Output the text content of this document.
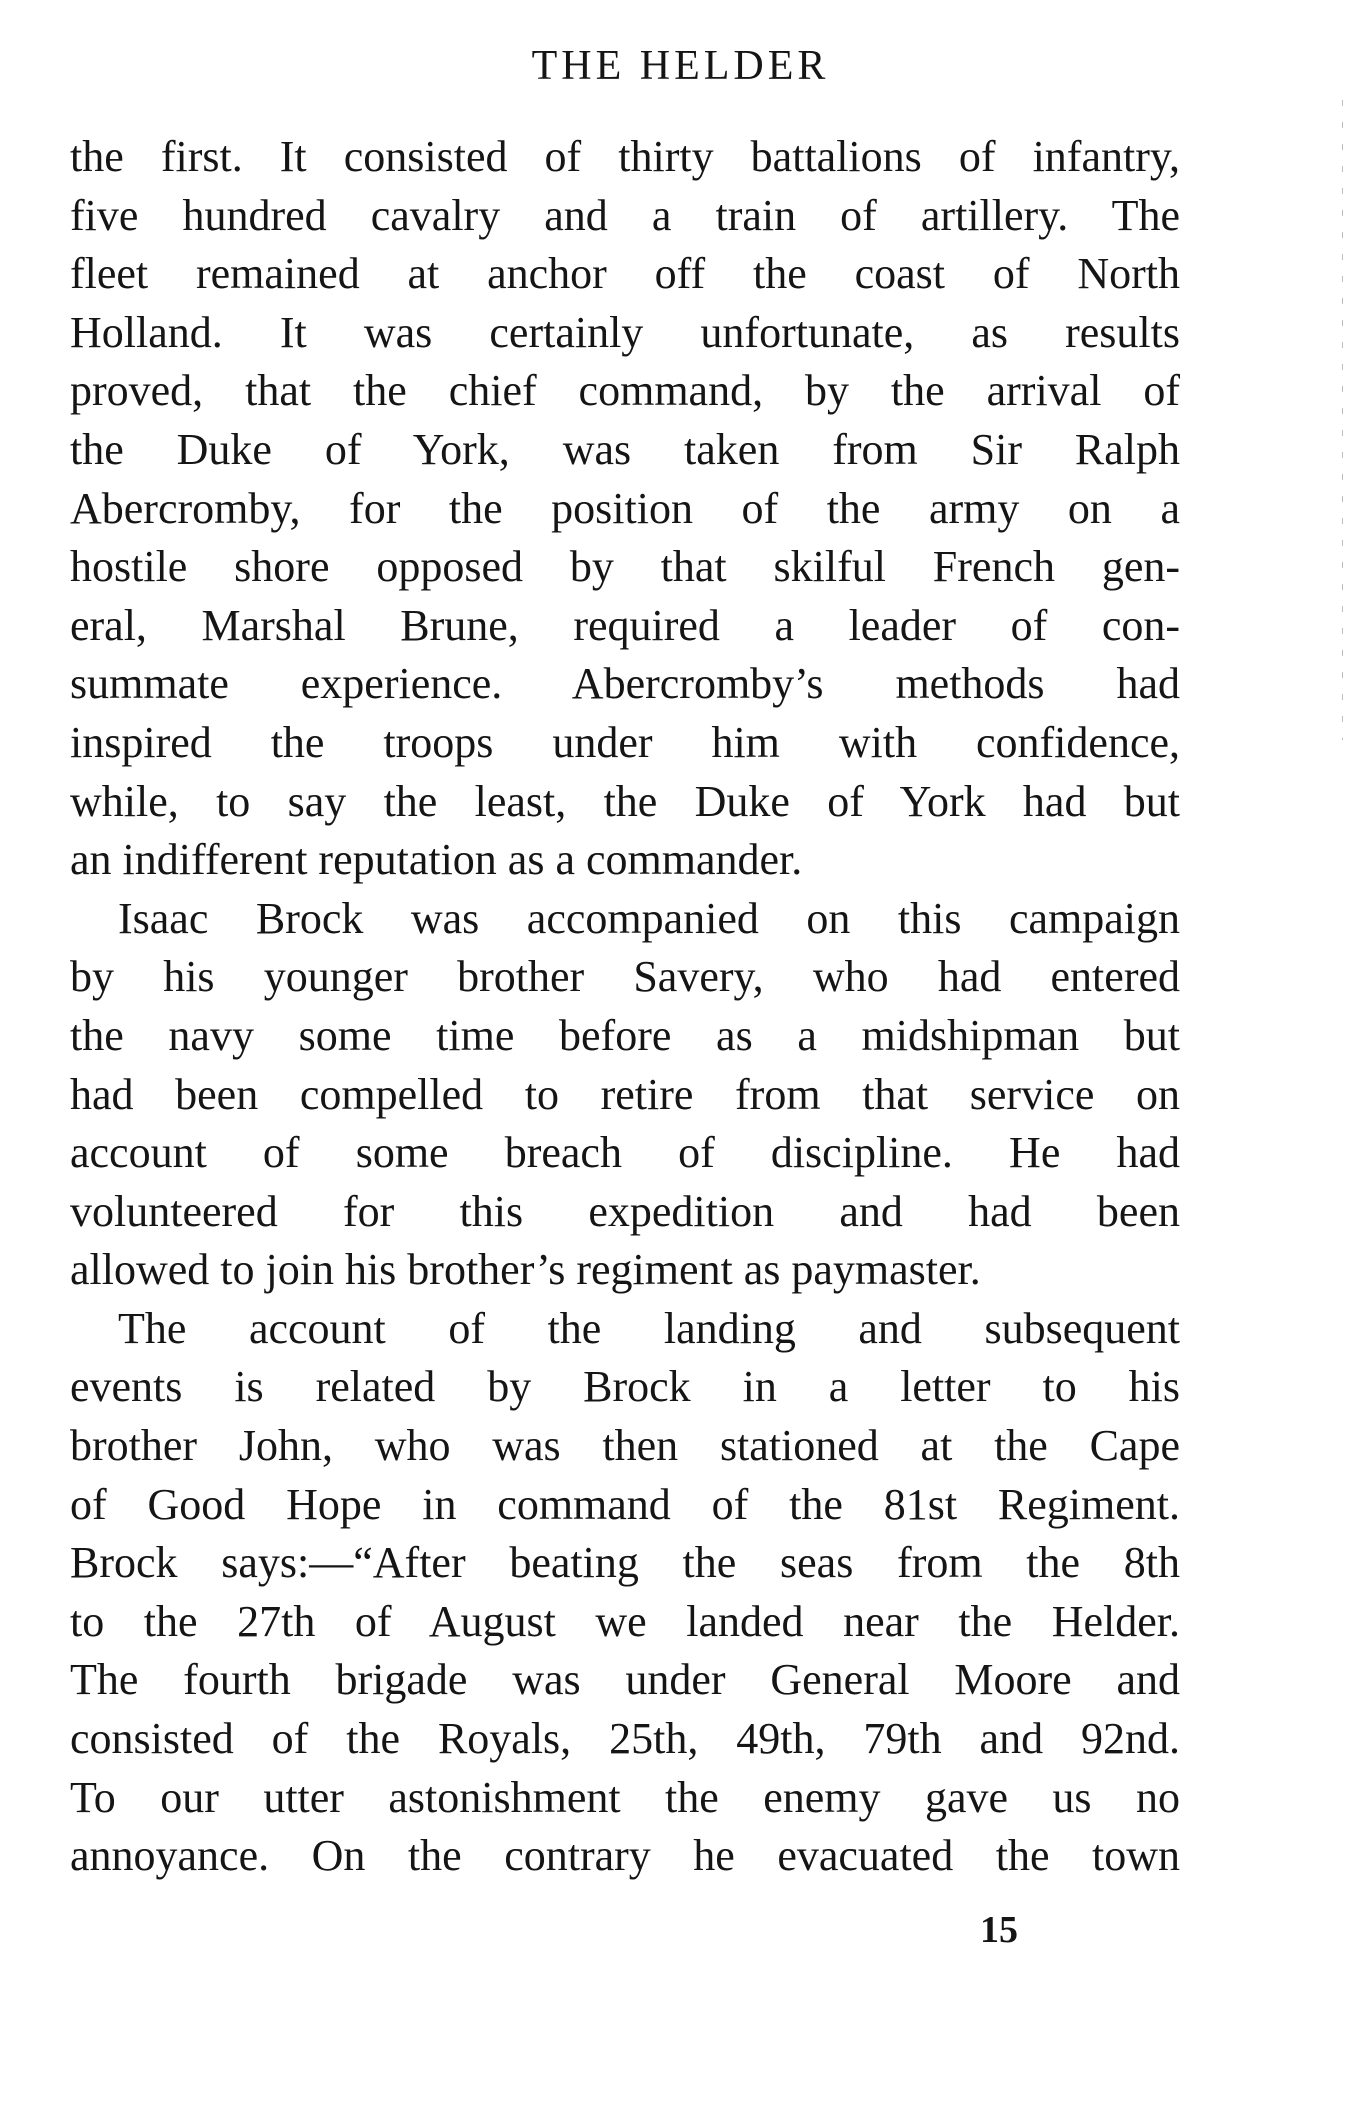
THE HELDER
the first. It consisted of thirty battalions of infantry,
five hundred cavalry and a train of artillery. The
fleet remained at anchor off the coast of North
Holland. It was certainly unfortunate, as results
proved, that the chief command, by the arrival of
the Duke of York, was taken from Sir Ralph
Abercromby, for the position of the army on a
hostile shore opposed by that skilful French gen-
eral, Marshal Brune, required a leader of con-
summate experience. Abercromby’s methods had
inspired the troops under him with confidence,
while, to say the least, the Duke of York had but
an indifferent reputation as a commander.
Isaac Brock was accompanied on this campaign
by his younger brother Savery, who had entered
the navy some time before as a midshipman but
had been compelled to retire from that service on
account of some breach of discipline. He had
volunteered for this expedition and had been
allowed to join his brother’s regiment as paymaster.
The account of the landing and subsequent
events is related by Brock in a letter to his
brother John, who was then stationed at the Cape
of Good Hope in command of the 81st Regiment.
Brock says:—“After beating the seas from the 8th
to the 27th of August we landed near the Helder.
The fourth brigade was under General Moore and
consisted of the Royals, 25th, 49th, 79th and 92nd.
To our utter astonishment the enemy gave us no
annoyance. On the contrary he evacuated the town
15
